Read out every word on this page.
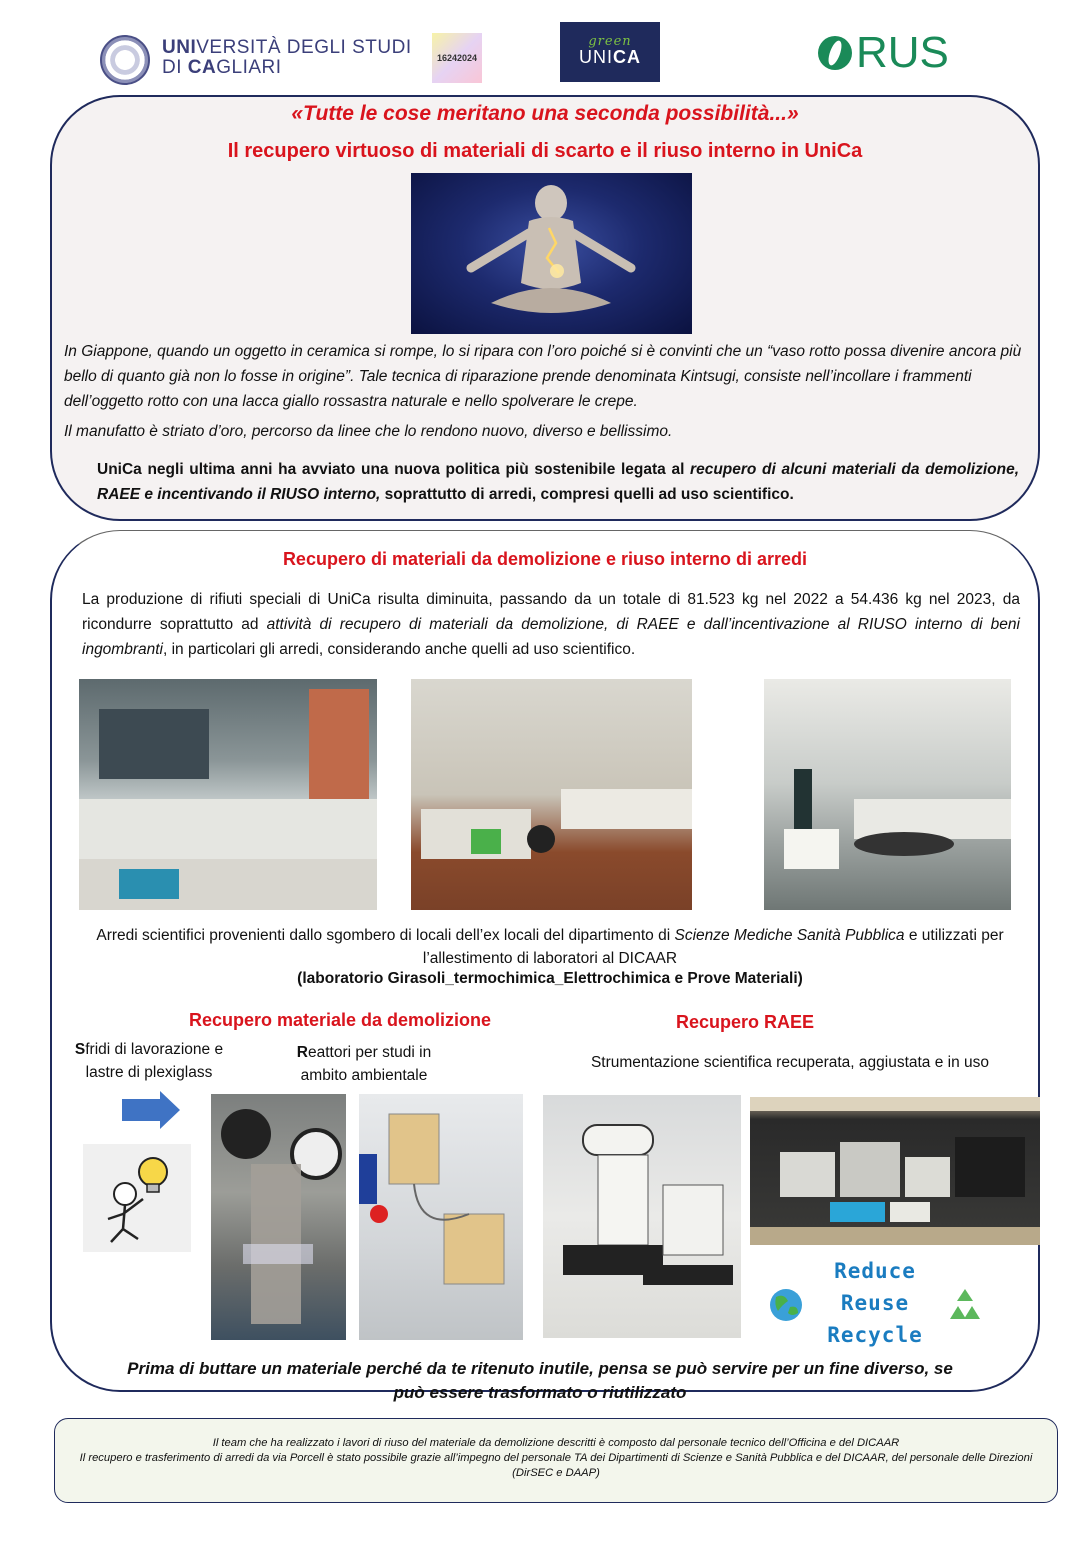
UNIVERSITÀ DEGLI STUDI
DI CAGLIARI	1 6 2 4 2 0 2 4
green
UNICA	RUS
«Tutte le cose meritano una seconda possibilità...»
Il recupero virtuoso di materiali di scarto e il riuso interno in UniCa
In Giappone, quando un oggetto in ceramica si rompe, lo si ripara con l’oro poiché si è convinti che un “vaso rotto possa divenire ancora più bello di quanto già non lo fosse in origine”. Tale tecnica di riparazione prende denominata Kintsugi, consiste nell’incollare i frammenti dell’oggetto rotto con una lacca giallo rossastra naturale e nello spolverare le crepe.
Il manufatto è striato d’oro, percorso da linee che lo rendono nuovo, diverso e bellissimo.
UniCa negli ultima anni ha avviato una nuova politica più sostenibile legata al recupero di alcuni materiali da demolizione, RAEE e incentivando il RIUSO interno, soprattutto di arredi, compresi quelli ad uso scientifico.
Recupero di materiali da demolizione e riuso interno di arredi
La produzione di rifiuti speciali di UniCa risulta diminuita, passando da un totale di 81.523 kg nel 2022 a 54.436 kg nel 2023, da ricondurre soprattutto ad attività di recupero di materiali da demolizione, di RAEE e dall’incentivazione al RIUSO interno di beni ingombranti, in particolari gli arredi, considerando anche quelli ad uso scientifico.
Arredi scientifici provenienti dallo sgombero di locali dell’ex locali del dipartimento di Scienze Mediche Sanità Pubblica e utilizzati per l’allestimento di laboratori al DICAAR
(laboratorio Girasoli_termochimica_Elettrochimica e Prove Materiali)
Recupero materiale da demolizione	Recupero RAEE
Sfridi di lavorazione e lastre di plexiglass
Reattori per studi in ambito ambientale
Strumentazione scientifica recuperata, aggiustata e in uso
Reduce
Reuse
Recycle
Prima di buttare un materiale perché da te ritenuto inutile, pensa se può servire per un fine diverso, se può essere trasformato o riutilizzato
Il team che ha realizzato i lavori di riuso del materiale da demolizione descritti è composto dal personale tecnico dell’Officina e del DICAAR
Il recupero e trasferimento di arredi da via Porcell è stato possibile grazie all’impegno del personale TA dei Dipartimenti di Scienze e Sanità Pubblica e del DICAAR, del personale delle Direzioni (DirSEC e DAAP)
